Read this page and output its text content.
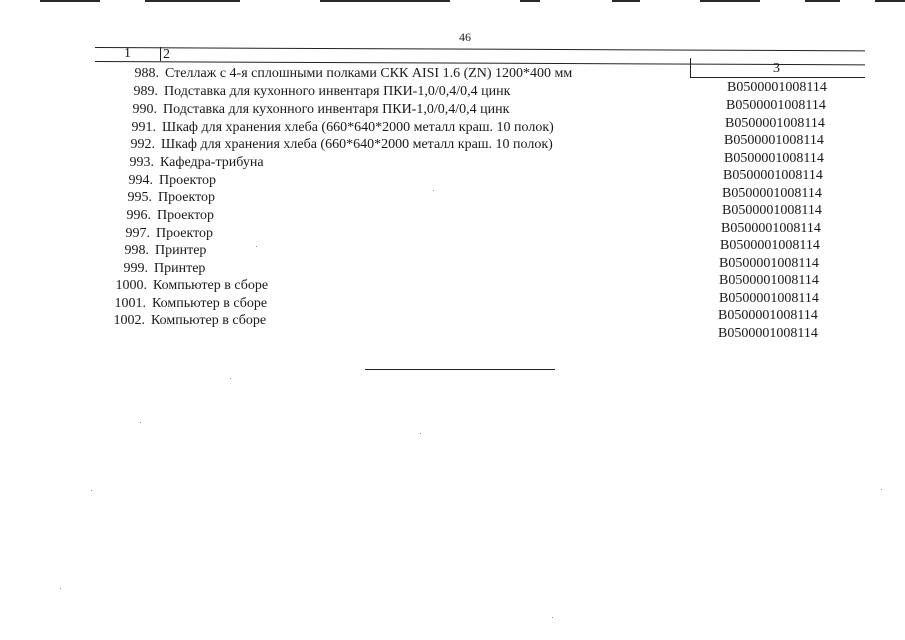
46
1 2
3
988. Стеллаж с 4-я сплошными полками СКК AISI 1.6 (ZN) 1200*400 мм
B0500001008114
989. Подставка для кухонного инвентаря ПКИ-1,0/0,4/0,4 цинк
B0500001008114
990. Подставка для кухонного инвентаря ПКИ-1,0/0,4/0,4 цинк
B0500001008114
991. Шкаф для хранения хлеба (660*640*2000 металл краш. 10 полок)
B0500001008114
992. Шкаф для хранения хлеба (660*640*2000 металл краш. 10 полок)
B0500001008114
993. Кафедра-трибуна
B0500001008114
994. Проектор
B0500001008114
995. Проектор
B0500001008114
996. Проектор
B0500001008114
997. Проектор
B0500001008114
998. Принтер
B0500001008114
999. Принтер
B0500001008114
1000. Компьютер в сборе
B0500001008114
1001. Компьютер в сборе
B0500001008114
1002. Компьютер в сборе
B0500001008114
